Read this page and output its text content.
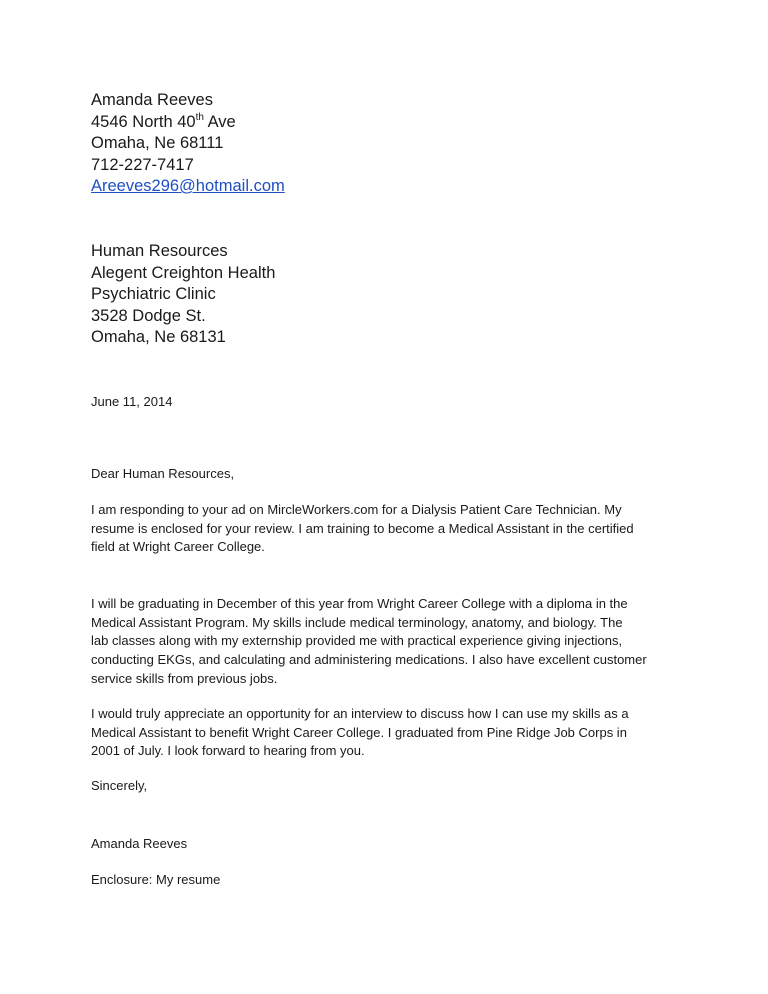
Amanda Reeves
4546 North 40th Ave
Omaha, Ne 68111
712-227-7417
Areeves296@hotmail.com
Human Resources
Alegent Creighton Health
Psychiatric Clinic
3528 Dodge St.
Omaha, Ne 68131
June 11, 2014
Dear Human Resources,
I am responding to your ad on MircleWorkers.com for a Dialysis Patient Care Technician. My
resume is enclosed for your review. I am training to become a Medical Assistant in the certified
field at Wright Career College.
I will be graduating in December of this year from Wright Career College with a diploma in the
Medical Assistant Program. My skills include medical terminology, anatomy, and biology. The
lab classes along with my externship provided me with practical experience giving injections,
conducting EKGs, and calculating and administering medications. I also have excellent customer
service skills from previous jobs.
I would truly appreciate an opportunity for an interview to discuss how I can use my skills as a
Medical Assistant to benefit Wright Career College. I graduated from Pine Ridge Job Corps in
2001 of July. I look forward to hearing from you.
Sincerely,
Amanda Reeves
Enclosure: My resume
